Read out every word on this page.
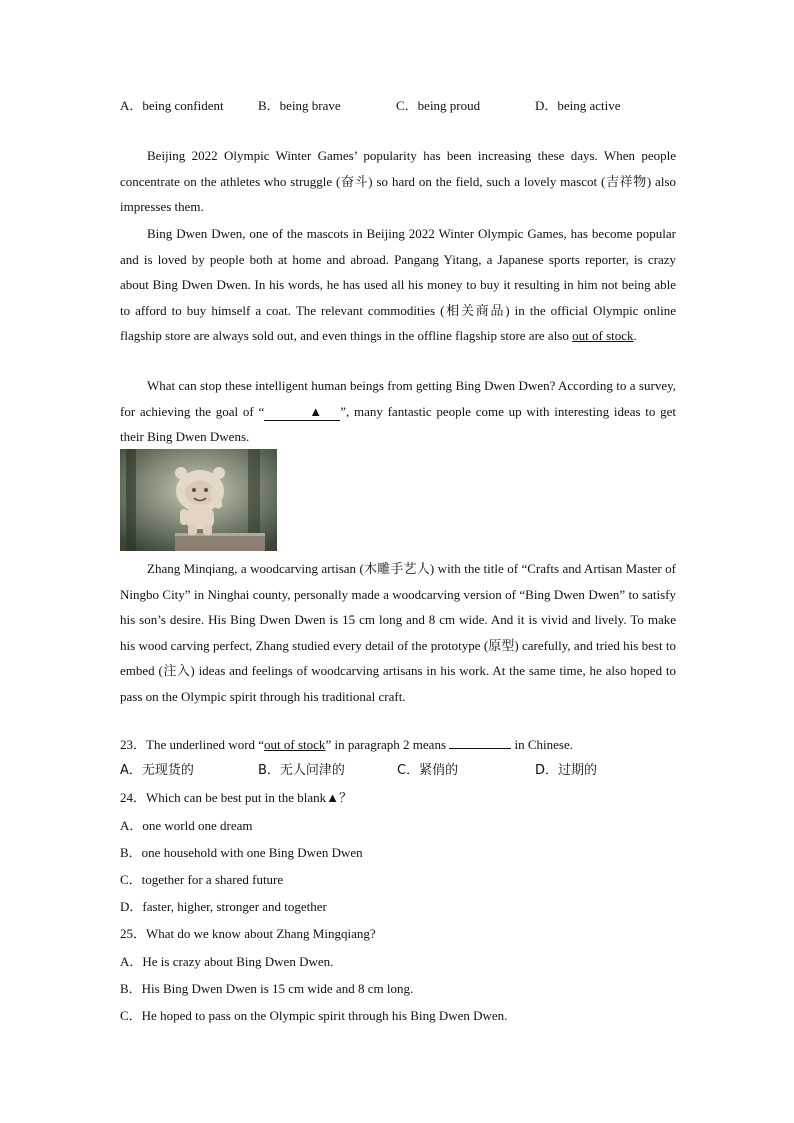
A．being confident	B．being brave	C．being proud	D．being active
Beijing 2022 Olympic Winter Games’ popularity has been increasing these days. When people concentrate on the athletes who struggle (奋斗) so hard on the field, such a lovely mascot (吉祥物) also impresses them.
Bing Dwen Dwen, one of the mascots in Beijing 2022 Winter Olympic Games, has become popular and is loved by people both at home and abroad. Pangang Yitang, a Japanese sports reporter, is crazy about Bing Dwen Dwen. In his words, he has used all his money to buy it resulting in him not being able to afford to buy himself a coat. The relevant commodities (相关商品) in the official Olympic online flagship store are always sold out, and even things in the offline flagship store are also out of stock.
What can stop these intelligent human beings from getting Bing Dwen Dwen? According to a survey, for achieving the goal of “	▲ ”, many fantastic people come up with interesting ideas to get their Bing Dwen Dwens.
Zhang Minqiang, a woodcarving artisan (木雕手艺人) with the title of “Crafts and Artisan Master of Ningbo City” in Ninghai county, personally made a woodcarving version of “Bing Dwen Dwen” to satisfy his son’s desire. His Bing Dwen Dwen is 15 cm long and 8 cm wide. And it is vivid and lively. To make his wood carving perfect, Zhang studied every detail of the prototype (原型) carefully, and tried his best to embed (注入) ideas and feelings of woodcarving artisans in his work. At the same time, he also hoped to pass on the Olympic spirit through his traditional craft.
23．The underlined word “out of stock” in paragraph 2 means	in Chinese.
A．无现货的	B．无人问津的	C．紧俏的	D．过期的
24．Which can be best put in the blank▲？
A．one world one dream
B．one household with one Bing Dwen Dwen
C．together for a shared future
D．faster, higher, stronger and together
25．What do we know about Zhang Mingqiang?
A．He is crazy about Bing Dwen Dwen.
B．His Bing Dwen Dwen is 15 cm wide and 8 cm long.
C．He hoped to pass on the Olympic spirit through his Bing Dwen Dwen.
